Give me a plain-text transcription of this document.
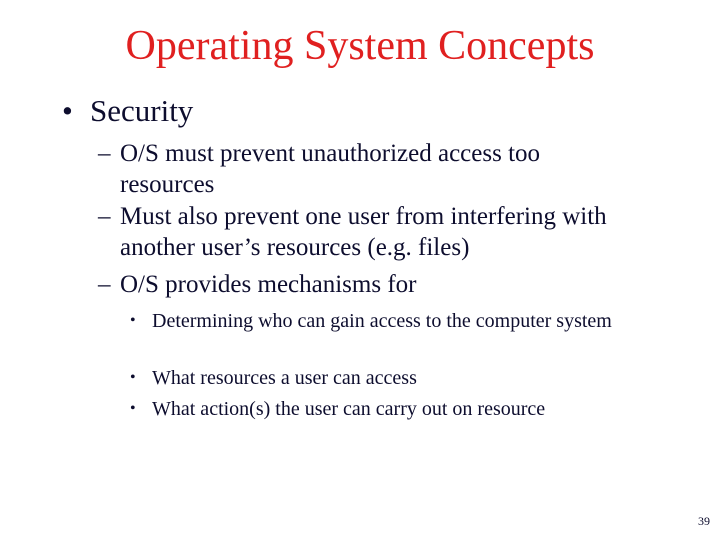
Operating System Concepts
• Security
– O/S must prevent unauthorized access too resources
– Must also prevent one user from interfering with another user’s resources (e.g. files)
– O/S provides mechanisms for
• Determining who can gain access to the computer system
• What resources a user can access
• What action(s) the user can carry out on resource
39
